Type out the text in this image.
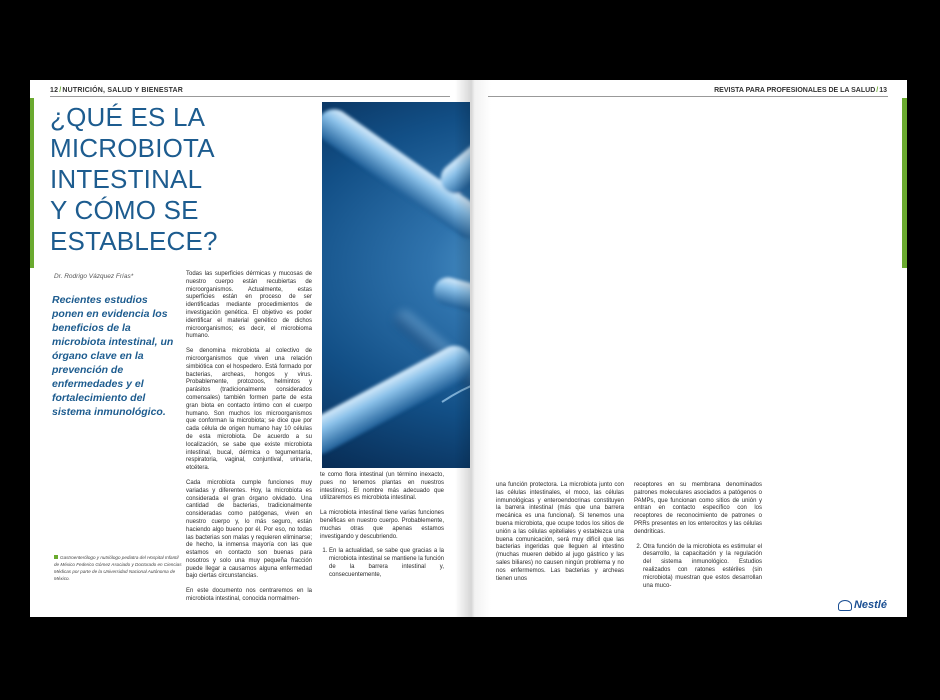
12/NUTRICIÓN, SALUD Y BIENESTAR
¿QUÉ ES LA
MICROBIOTA
INTESTINAL
Y CÓMO SE
ESTABLECE?
Dr. Rodrigo Vázquez Frías*

Recientes estudios ponen en evidencia los beneficios de la microbiota intestinal, un órgano clave en la prevención de enfermedades y el fortalecimiento del sistema inmunológico.

Gastroenterólogo y nutriólogo pediatra del Hospital Infantil de México Federico Gómez Asociado y Doctorado en Ciencias Médicas por parte de la Universidad Nacional Autónoma de México.

Todas las superficies dérmicas y mucosas de nuestro cuerpo están recubiertas de microorganismos. Actualmente, estas superficies están en proceso de ser identificadas mediante procedimientos de investigación genética. El objetivo es poder identificar el material genético de dichos microorganismos; es decir, el microbioma humano.

Se denomina microbiota al colectivo de microorganismos que viven una relación simbiótica con el hospedero. Está formado por bacterias, archeas, hongos y virus. Probablemente, protozoos, helmintos y parásitos (tradicionalmente considerados comensales) también formen parte de esta gran biota en contacto íntimo con el cuerpo humano. Son muchos los microorganismos que conforman la microbiota; se dice que por cada célula de origen humano hay 10 células de esta microbiota. De acuerdo a su localización, se sabe que existe microbiota intestinal, bucal, dérmica o tegumentaria, respiratoria, vaginal, conjuntival, urinaria, etcétera.

Cada microbiota cumple funciones muy variadas y diferentes. Hoy, la microbiota es considerada el gran órgano olvidado. Una cantidad de bacterias, tradicionalmente consideradas como patógenas, viven en nuestro cuerpo y, lo más seguro, están haciendo algo bueno por él. Por eso, no todas las bacterias son malas y requieren eliminarse; de hecho, la inmensa mayoría con las que estamos en contacto son buenas para nosotros y solo una muy pequeña fracción puede llegar a causarnos alguna enfermedad bajo ciertas circunstancias.

En este documento nos centraremos en la microbiota intestinal, conocida normalmen-

te como flora intestinal (un término inexacto, pues no tenemos plantas en nuestros intestinos). El nombre más adecuado que utilizaremos es microbiota intestinal.

La microbiota intestinal tiene varias funciones benéficas en nuestro cuerpo. Probablemente, muchas otras que apenas estamos investigando y descubriendo.

1. En la actualidad, se sabe que gracias a la microbiota intestinal se mantiene la función de la barrera intestinal y, consecuentemente,
REVISTA PARA PROFESIONALES DE LA SALUD/13

una función protectora. La microbiota junto con las células intestinales, el moco, las células inmunológicas y enteroendocrinas constituyen la barrera intestinal (más que una barrera mecánica es una funcional). Si tenemos una buena microbiota, que ocupe todos los sitios de unión a las células epiteliales y establezca una buena comunicación, será muy difícil que las bacterias ingeridas que lleguen al intestino (muchas mueren debido al jugo gástrico y las sales biliares) no causen ningún problema y no nos enfermemos. Las bacterias y archeas tienen unos

receptores en su membrana denominados patrones moleculares asociados a patógenos o PAMPs, que funcionan como sitios de unión y entran en contacto específico con los receptores de reconocimiento de patrones o PRRs presentes en los enterocitos y las células dendríticas.

2. Otra función de la microbiota es estimular el desarrollo, la capacitación y la regulación del sistema inmunológico. Estudios realizados con ratones estériles (sin microbiota) muestran que estos desarrollan una muco-
Nestlé
